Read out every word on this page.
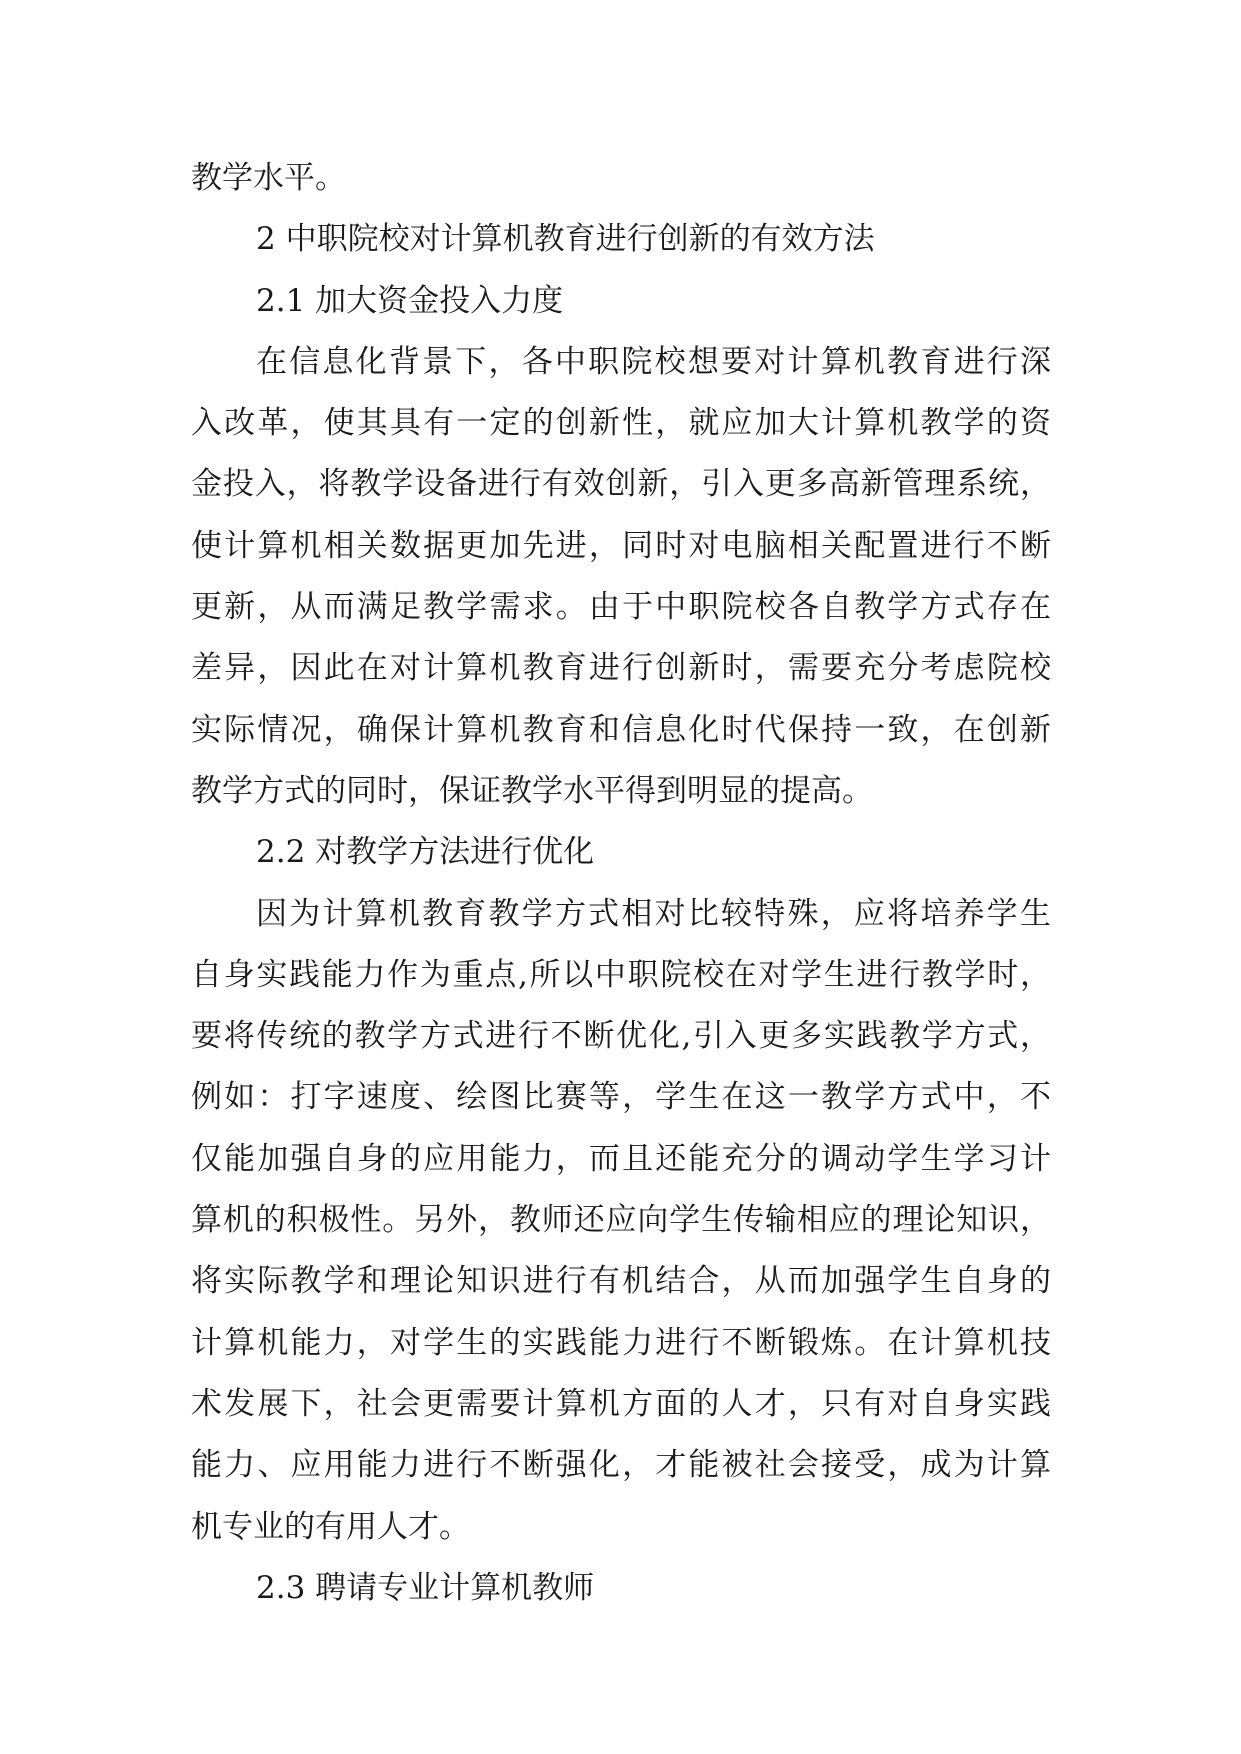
教学水平。
2 中职院校对计算机教育进行创新的有效方法
2.1 加大资金投入力度
在信息化背景下，各中职院校想要对计算机教育进行深
入改革，使其具有一定的创新性，就应加大计算机教学的资
金投入，将教学设备进行有效创新，引入更多高新管理系统，
使计算机相关数据更加先进，同时对电脑相关配置进行不断
更新，从而满足教学需求。由于中职院校各自教学方式存在
差异，因此在对计算机教育进行创新时，需要充分考虑院校
实际情况，确保计算机教育和信息化时代保持一致，在创新
教学方式的同时，保证教学水平得到明显的提高。
2.2 对教学方法进行优化
因为计算机教育教学方式相对比较特殊，应将培养学生
自身实践能力作为重点,所以中职院校在对学生进行教学时，
要将传统的教学方式进行不断优化,引入更多实践教学方式，
例如：打字速度、绘图比赛等，学生在这一教学方式中，不
仅能加强自身的应用能力，而且还能充分的调动学生学习计
算机的积极性。另外，教师还应向学生传输相应的理论知识，
将实际教学和理论知识进行有机结合，从而加强学生自身的
计算机能力，对学生的实践能力进行不断锻炼。在计算机技
术发展下，社会更需要计算机方面的人才，只有对自身实践
能力、应用能力进行不断强化，才能被社会接受，成为计算
机专业的有用人才。
2.3 聘请专业计算机教师
